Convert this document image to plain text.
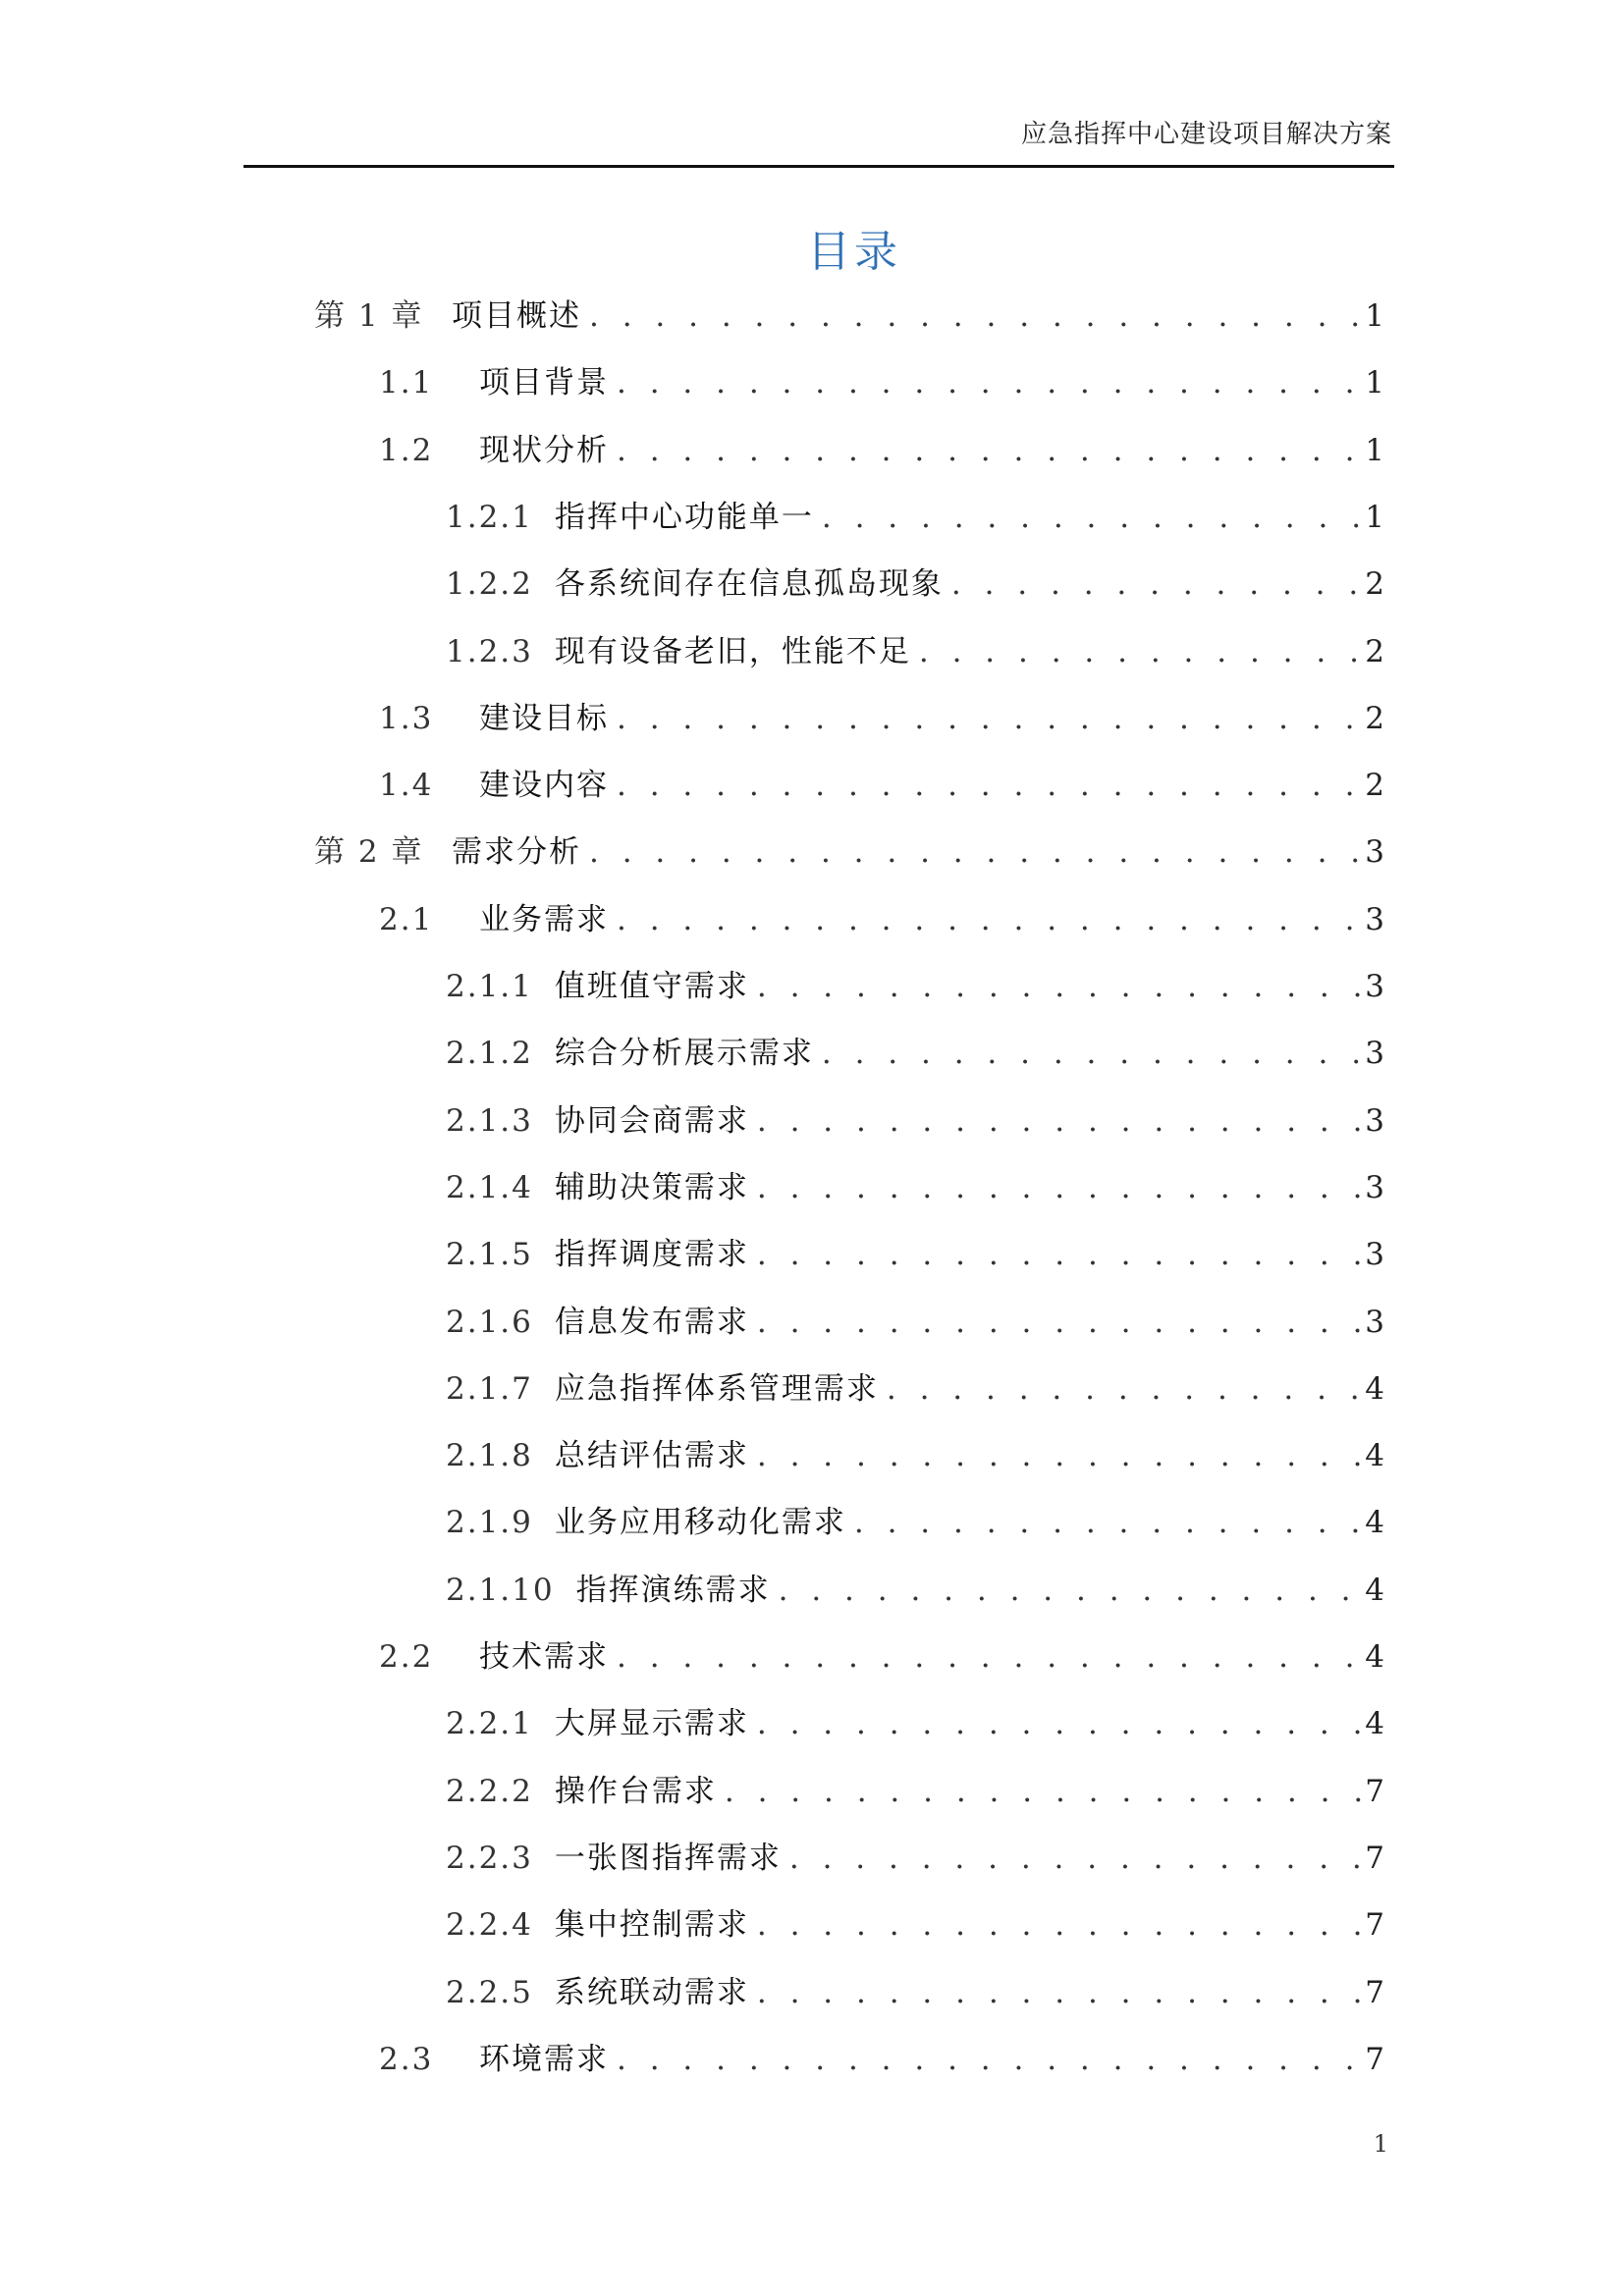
应急指挥中心建设项目解决方案
目录
第 1 章 项目概述 . . .	1
1.1	项目背景 . . .	1
1.2	现状分析 . . .	1
1.2.1 指挥中心功能单一 . . .	1
1.2.2 各系统间存在信息孤岛现象 . . .	2
1.2.3 现有设备老旧，性能不足 . . .	2
1.3	建设目标 . . .	2
1.4	建设内容 . . .	2
第 2 章 需求分析 . . .	3
2.1	业务需求 . . .	3
2.1.1 值班值守需求 . . .	3
2.1.2 综合分析展示需求 . . .	3
2.1.3 协同会商需求 . . .	3
2.1.4 辅助决策需求 . . .	3
2.1.5 指挥调度需求 . . .	3
2.1.6 信息发布需求 . . .	3
2.1.7 应急指挥体系管理需求 . . .	4
2.1.8 总结评估需求 . . .	4
2.1.9 业务应用移动化需求 . . .	4
2.1.10 指挥演练需求 . . .	4
2.2	技术需求 . . .	4
2.2.1 大屏显示需求 . . .	4
2.2.2 操作台需求 . . .	7
2.2.3 一张图指挥需求 . . .	7
2.2.4 集中控制需求 . . .	7
2.2.5 系统联动需求 . . .	7
2.3	环境需求 . . .	7
1
